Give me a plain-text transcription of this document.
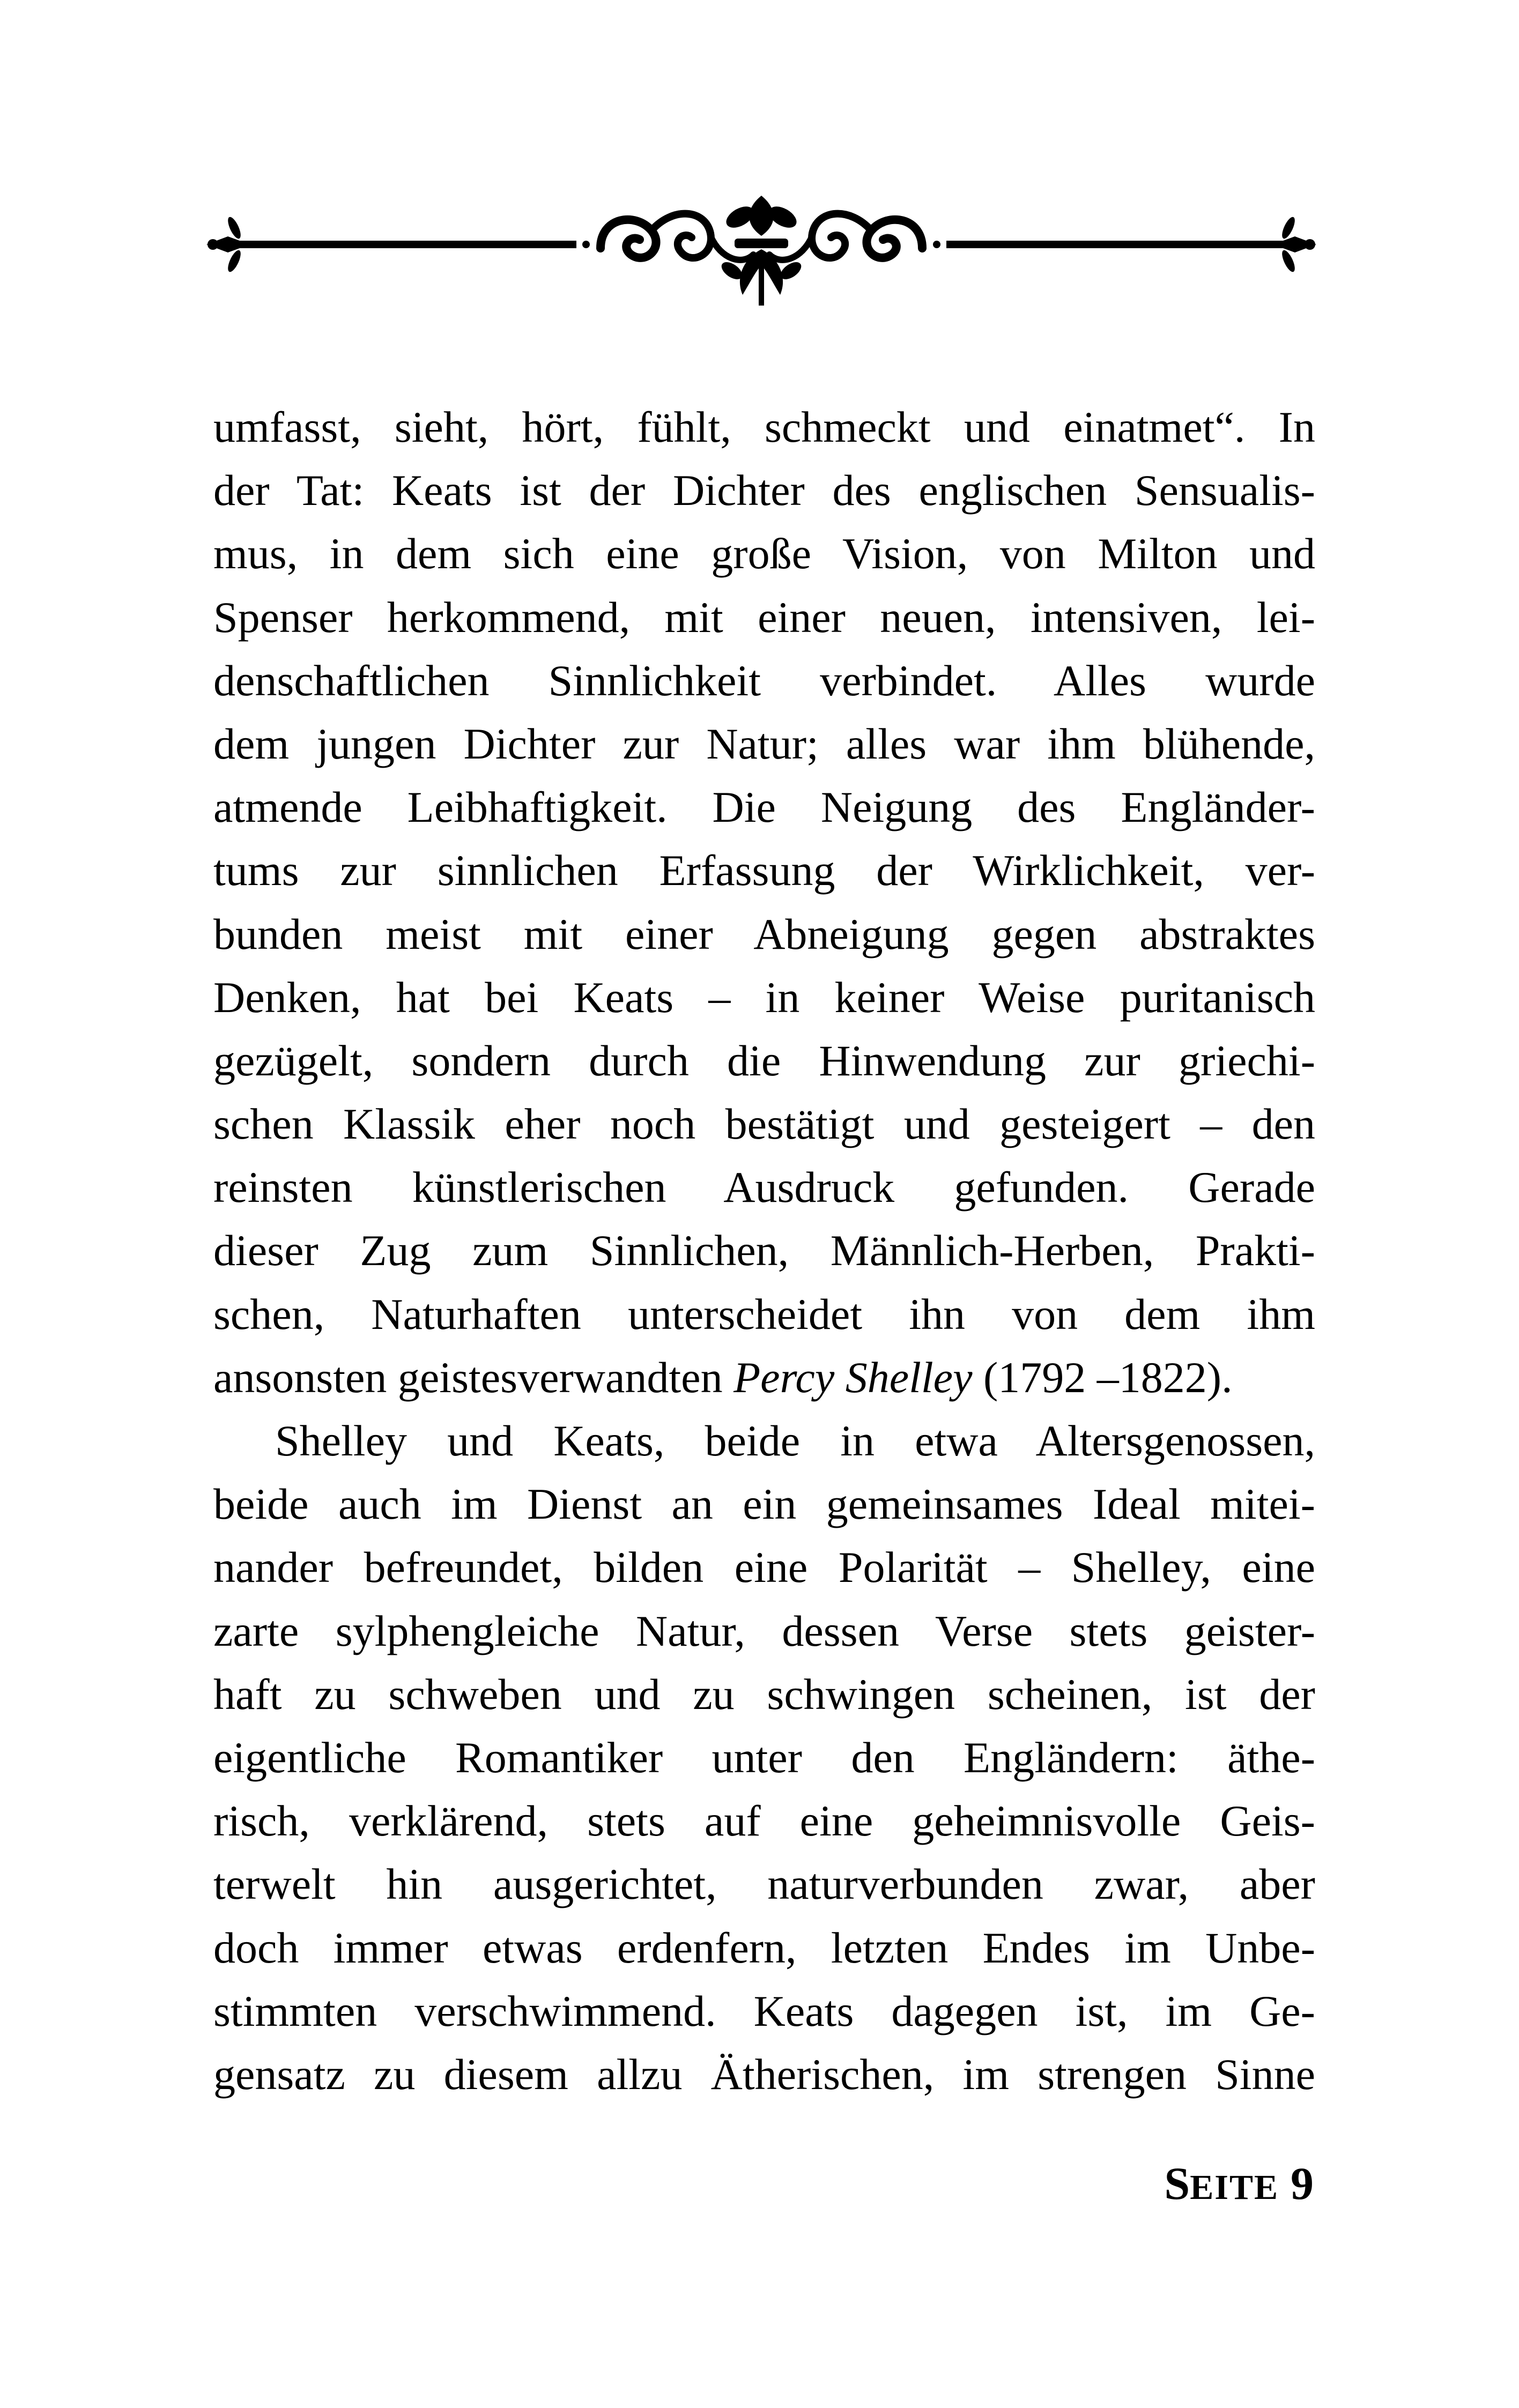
umfasst, sieht, hört, fühlt, schmeckt und einatmet“. In
der Tat: Keats ist der Dichter des englischen Sensualis-
mus, in dem sich eine große Vision, von Milton und
Spenser herkommend, mit einer neuen, intensiven, lei-
denschaftlichen Sinnlichkeit verbindet. Alles wurde
dem jungen Dichter zur Natur; alles war ihm blühende,
atmende Leibhaftigkeit. Die Neigung des Engländer-
tums zur sinnlichen Erfassung der Wirklichkeit, ver-
bunden meist mit einer Abneigung gegen abstraktes
Denken, hat bei Keats – in keiner Weise puritanisch
gezügelt, sondern durch die Hinwendung zur griechi-
schen Klassik eher noch bestätigt und gesteigert – den
reinsten künstlerischen Ausdruck gefunden. Gerade
dieser Zug zum Sinnlichen, Männlich-Herben, Prakti-
schen, Naturhaften unterscheidet ihn von dem ihm
ansonsten geistesverwandten Percy Shelley (1792 –1822).
Shelley und Keats, beide in etwa Altersgenossen,
beide auch im Dienst an ein gemeinsames Ideal mitei-
nander befreundet, bilden eine Polarität – Shelley, eine
zarte sylphengleiche Natur, dessen Verse stets geister-
haft zu schweben und zu schwingen scheinen, ist der
eigentliche Romantiker unter den Engländern: äthe-
risch, verklärend, stets auf eine geheimnisvolle Geis-
terwelt hin ausgerichtet, naturverbunden zwar, aber
doch immer etwas erdenfern, letzten Endes im Unbe-
stimmten verschwimmend. Keats dagegen ist, im Ge-
gensatz zu diesem allzu Ätherischen, im strengen Sinne
SEITE 9
